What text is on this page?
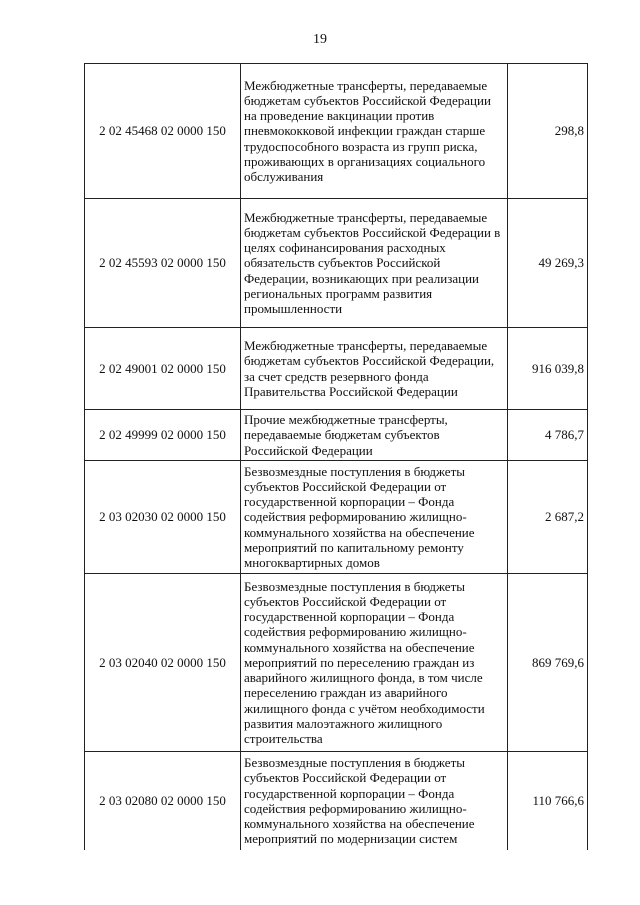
19
2 02 45468 02 0000 150	Межбюджетные трансферты, передаваемые бюджетам субъектов Российской Федерации на проведение вакцинации против пневмококковой инфекции граждан старше трудоспособного возраста из групп риска, проживающих в организациях социального обслуживания	298,8
2 02 45593 02 0000 150	Межбюджетные трансферты, передаваемые бюджетам субъектов Российской Федерации в целях софинансирования расходных обязательств субъектов Российской Федерации, возникающих при реализации региональных программ развития промышленности	49 269,3
2 02 49001 02 0000 150	Межбюджетные трансферты, передаваемые бюджетам субъектов Российской Федерации, за счет средств резервного фонда Правительства Российской Федерации	916 039,8
2 02 49999 02 0000 150	Прочие межбюджетные трансферты, передаваемые бюджетам субъектов Российской Федерации	4 786,7
2 03 02030 02 0000 150	Безвозмездные поступления в бюджеты субъектов Российской Федерации от государственной корпорации – Фонда содействия реформированию жилищно-коммунального хозяйства на обеспечение мероприятий по капитальному ремонту многоквартирных домов	2 687,2
2 03 02040 02 0000 150	Безвозмездные поступления в бюджеты субъектов Российской Федерации от государственной корпорации – Фонда содействия реформированию жилищно-коммунального хозяйства на обеспечение мероприятий по переселению граждан из аварийного жилищного фонда, в том числе переселению граждан из аварийного жилищного фонда с учётом необходимости развития малоэтажного жилищного строительства	869 769,6
2 03 02080 02 0000 150	Безвозмездные поступления в бюджеты субъектов Российской Федерации от государственной корпорации – Фонда содействия реформированию жилищно-коммунального хозяйства на обеспечение мероприятий по модернизации систем	110 766,6
